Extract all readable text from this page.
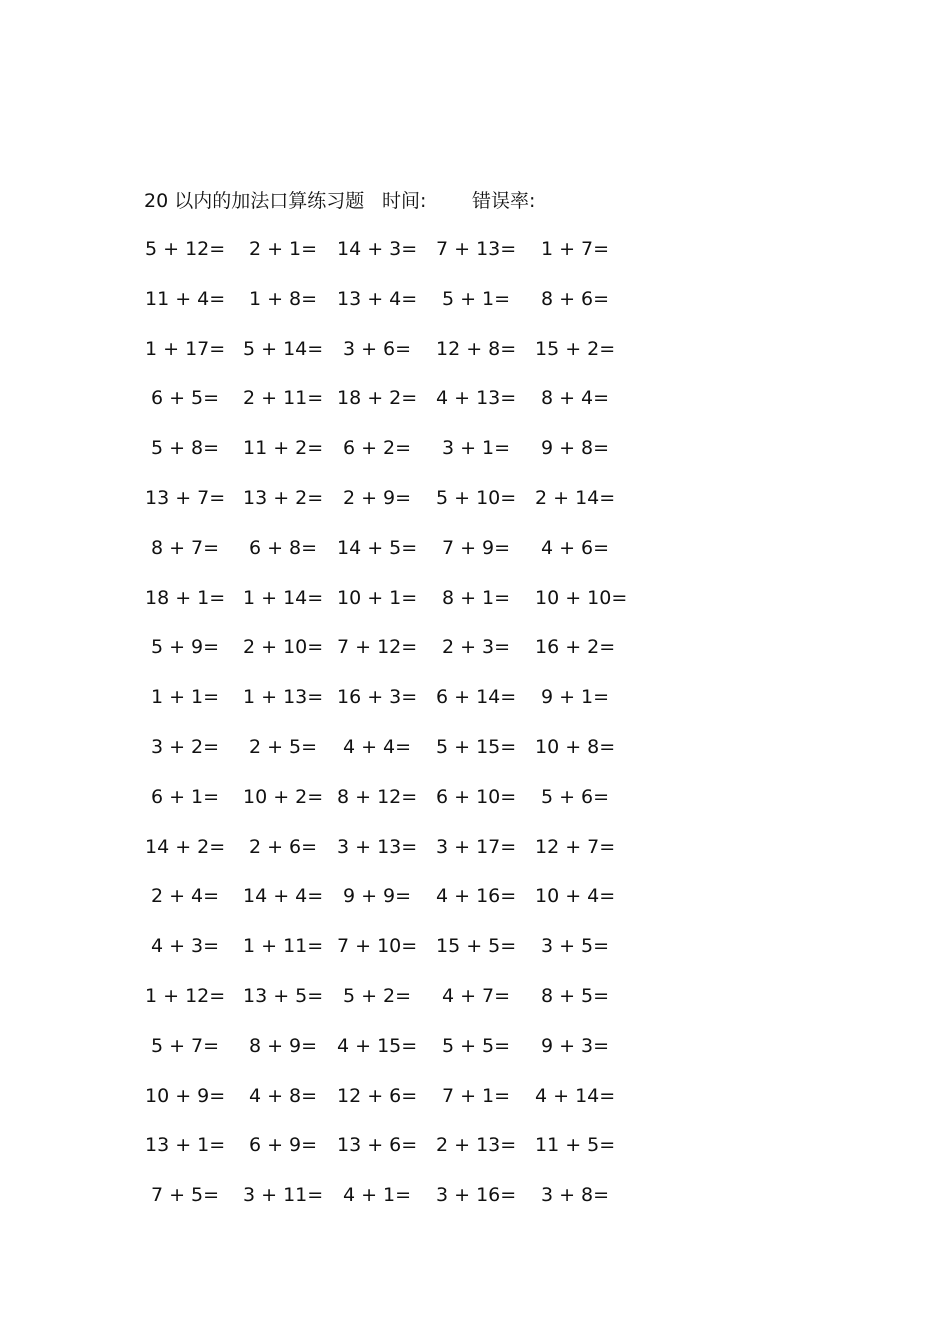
20 以内的加法口算练习题 时间: 错误率:
5 + 12=	2 + 1=	14 + 3= 7 + 13=	1 + 7=
11 + 4=	1 + 8=	13 + 4=	5 + 1=	8 + 6=
1 + 17= 5 + 14=	3 + 6=	12 + 8= 15 + 2=
6 + 5=	2 + 11= 18 + 2= 4 + 13=	8 + 4=
5 + 8=	11 + 2=	6 + 2=	3 + 1=	9 + 8=
13 + 7= 13 + 2=	2 + 9=	5 + 10= 2 + 14=
8 + 7=	6 + 8=	14 + 5=	7 + 9=	4 + 6=
18 + 1= 1 + 14= 10 + 1=	8 + 1=	10 + 10=
5 + 9=	2 + 10= 7 + 12=	2 + 3=	16 + 2=
1 + 1=	1 + 13= 16 + 3= 6 + 14=	9 + 1=
3 + 2=	2 + 5=	4 + 4=	5 + 15= 10 + 8=
6 + 1=	10 + 2= 8 + 12= 6 + 10=	5 + 6=
14 + 2=	2 + 6=	3 + 13= 3 + 17= 12 + 7=
2 + 4=	14 + 4=	9 + 9=	4 + 16= 10 + 4=
4 + 3=	1 + 11= 7 + 10= 15 + 5=	3 + 5=
1 + 12= 13 + 5=	5 + 2=	4 + 7=	8 + 5=
5 + 7=	8 + 9=	4 + 15=	5 + 5=	9 + 3=
10 + 9=	4 + 8=	12 + 6=	7 + 1=	4 + 14=
13 + 1=	6 + 9=	13 + 6= 2 + 13= 11 + 5=
7 + 5=	3 + 11=	4 + 1=	3 + 16=	3 + 8=
